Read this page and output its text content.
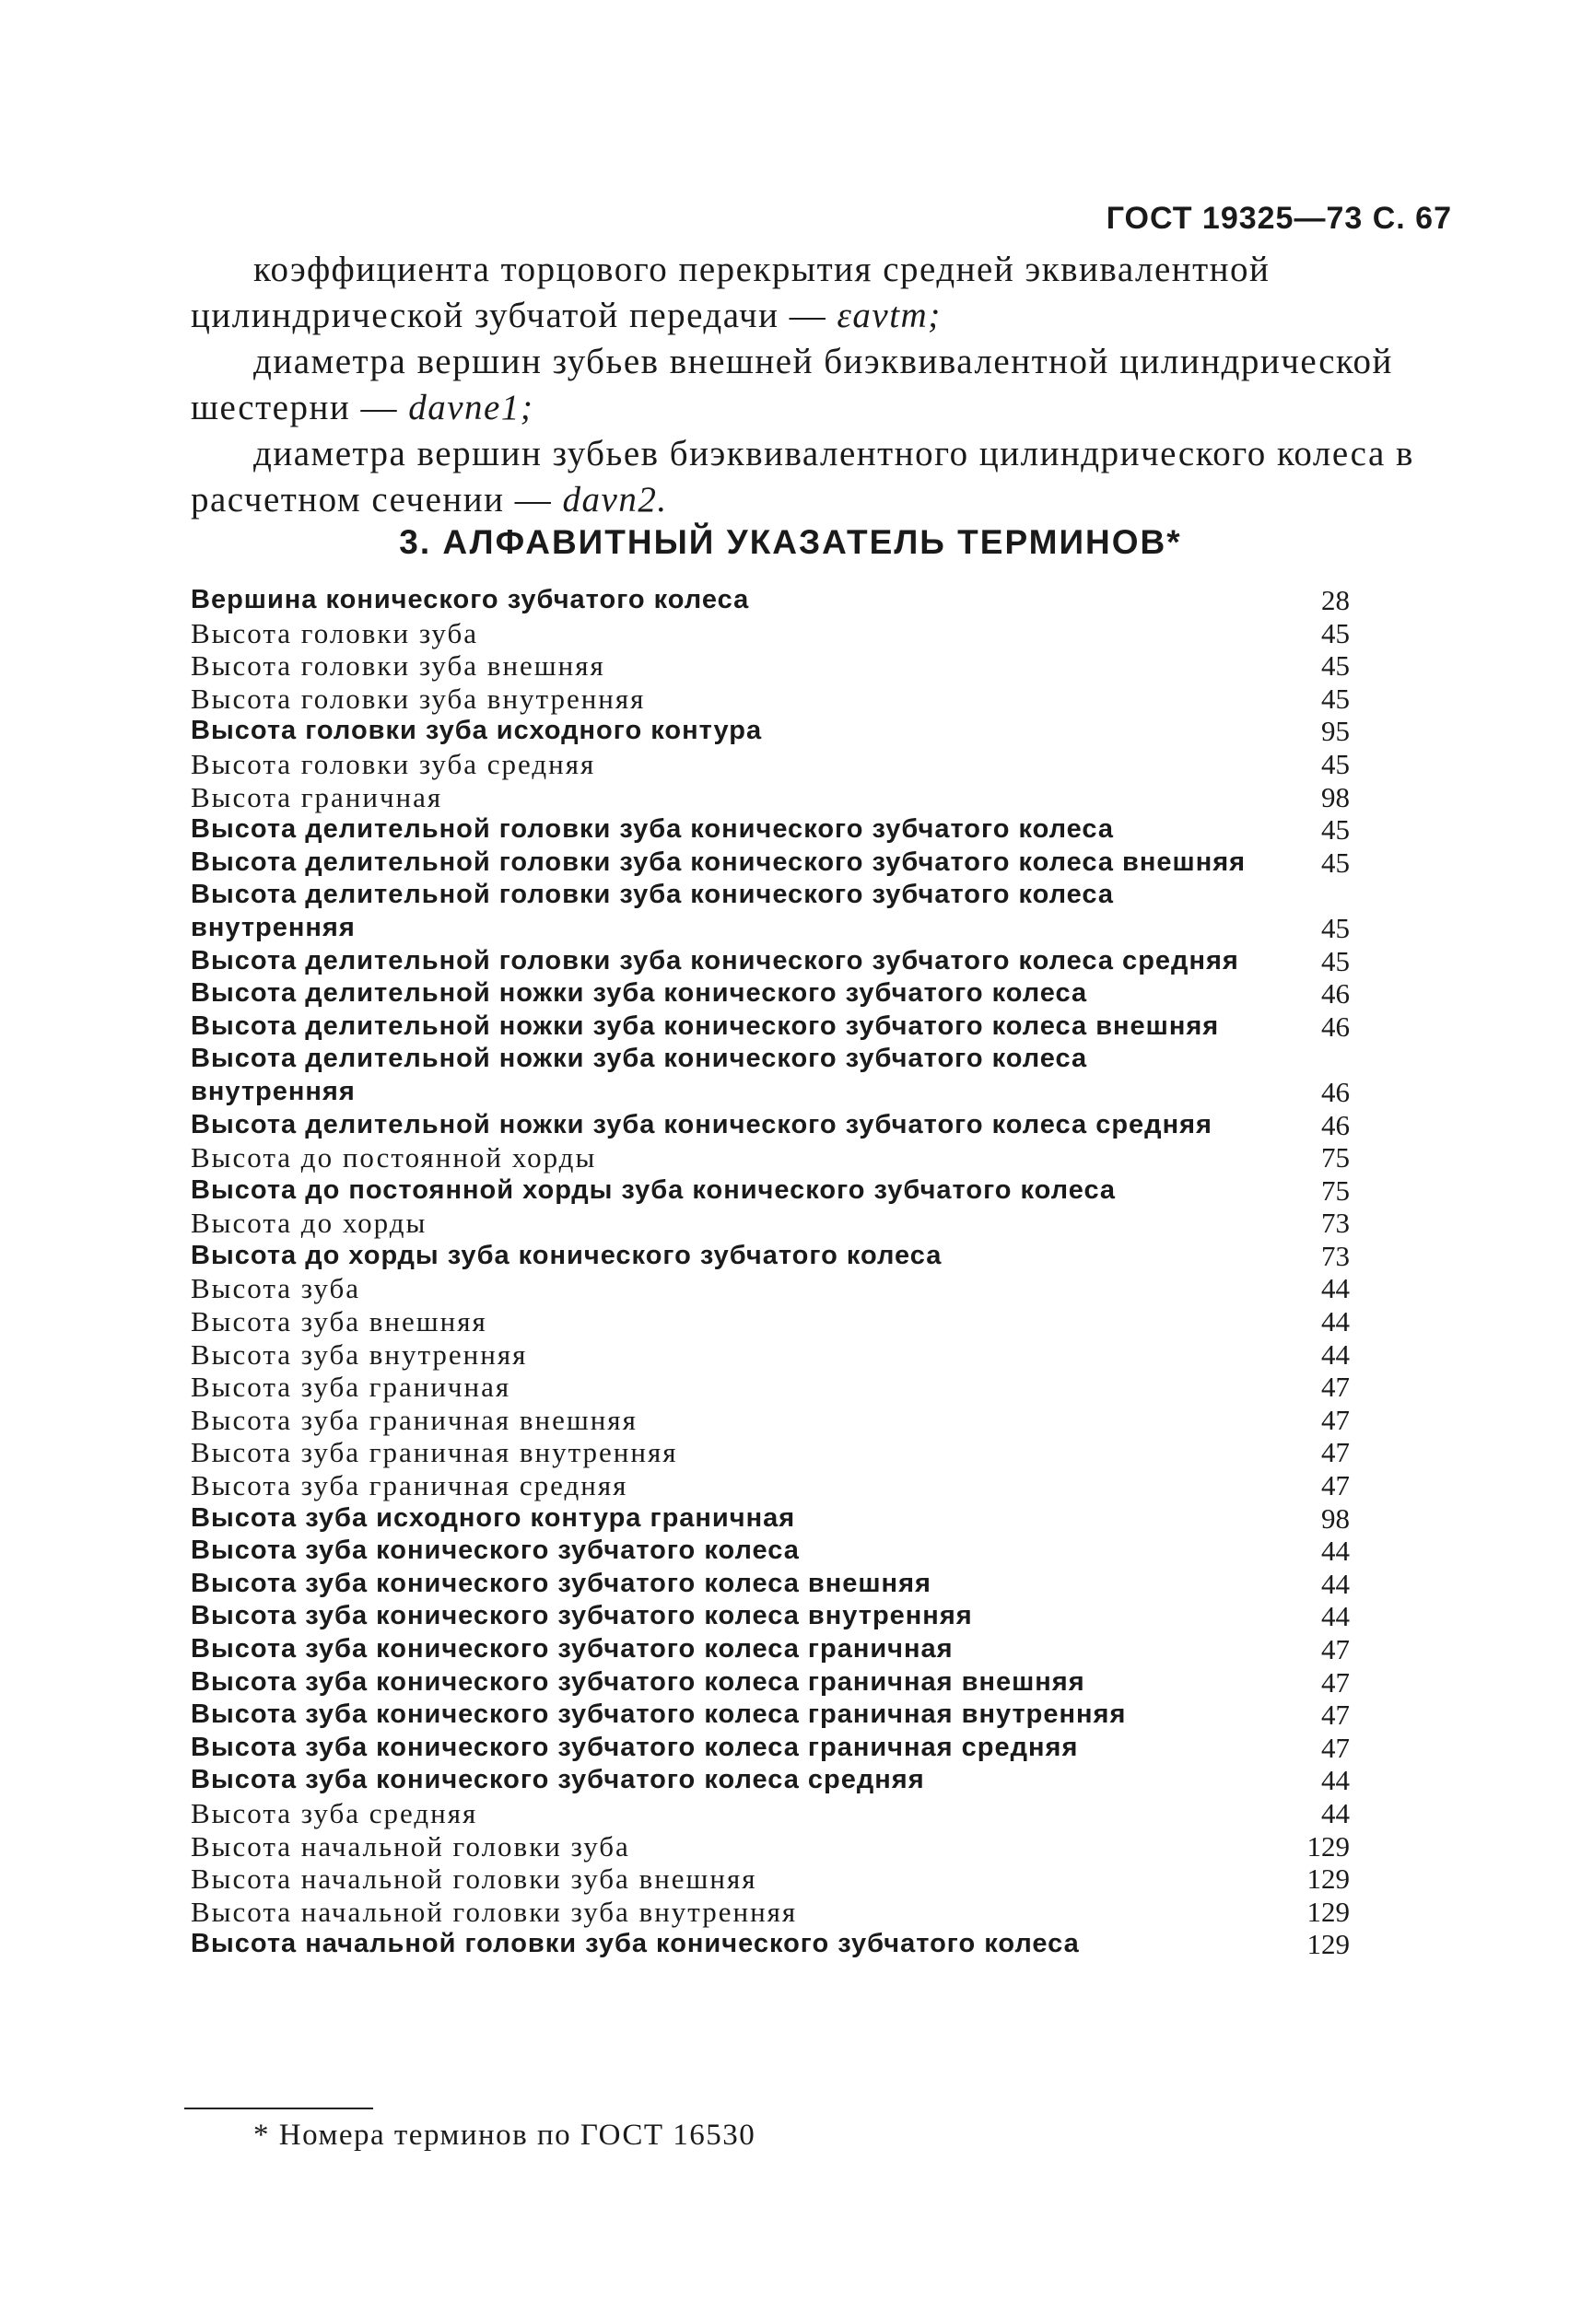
ГОСТ 19325—73 С. 67

коэффициента торцового перекрытия средней эквивалентной цилиндрической зубчатой передачи — εavtm;

диаметра вершин зубьев внешней биэквивалентной цилиндрической шестерни — davne1;

диаметра вершин зубьев биэквивалентного цилиндрического колеса в расчетном сечении — davn2.

3. АЛФАВИТНЫЙ УКАЗАТЕЛЬ ТЕРМИНОВ*
Вершина конического зубчатого колеса	28
Высота головки зуба	45
Высота головки зуба внешняя	45
Высота головки зуба внутренняя	45
Высота головки зуба исходного контура	95
Высота головки зуба средняя	45
Высота граничная	98
Высота делительной головки зуба конического зубчатого колеса	45
Высота делительной головки зуба конического зубчатого колеса внешняя	45
Высота делительной головки зуба конического зубчатого колеса внутренняя	45
Высота делительной головки зуба конического зубчатого колеса средняя	45
Высота делительной ножки зуба конического зубчатого колеса	46
Высота делительной ножки зуба конического зубчатого колеса внешняя	46
Высота делительной ножки зуба конического зубчатого колеса внутренняя	46
Высота делительной ножки зуба конического зубчатого колеса средняя	46
Высота до постоянной хорды	75
Высота до постоянной хорды зуба конического зубчатого колеса	75
Высота до хорды	73
Высота до хорды зуба конического зубчатого колеса	73
Высота зуба	44
Высота зуба внешняя	44
Высота зуба внутренняя	44
Высота зуба граничная	47
Высота зуба граничная внешняя	47
Высота зуба граничная внутренняя	47
Высота зуба граничная средняя	47
Высота зуба исходного контура граничная	98
Высота зуба конического зубчатого колеса	44
Высота зуба конического зубчатого колеса внешняя	44
Высота зуба конического зубчатого колеса внутренняя	44
Высота зуба конического зубчатого колеса граничная	47
Высота зуба конического зубчатого колеса граничная внешняя	47
Высота зуба конического зубчатого колеса граничная внутренняя	47
Высота зуба конического зубчатого колеса граничная средняя	47
Высота зуба конического зубчатого колеса средняя	44
Высота зуба средняя	44
Высота начальной головки зуба	129
Высота начальной головки зуба внешняя	129
Высота начальной головки зуба внутренняя	129
Высота начальной головки зуба конического зубчатого колеса	129
* Номера терминов по ГОСТ 16530
